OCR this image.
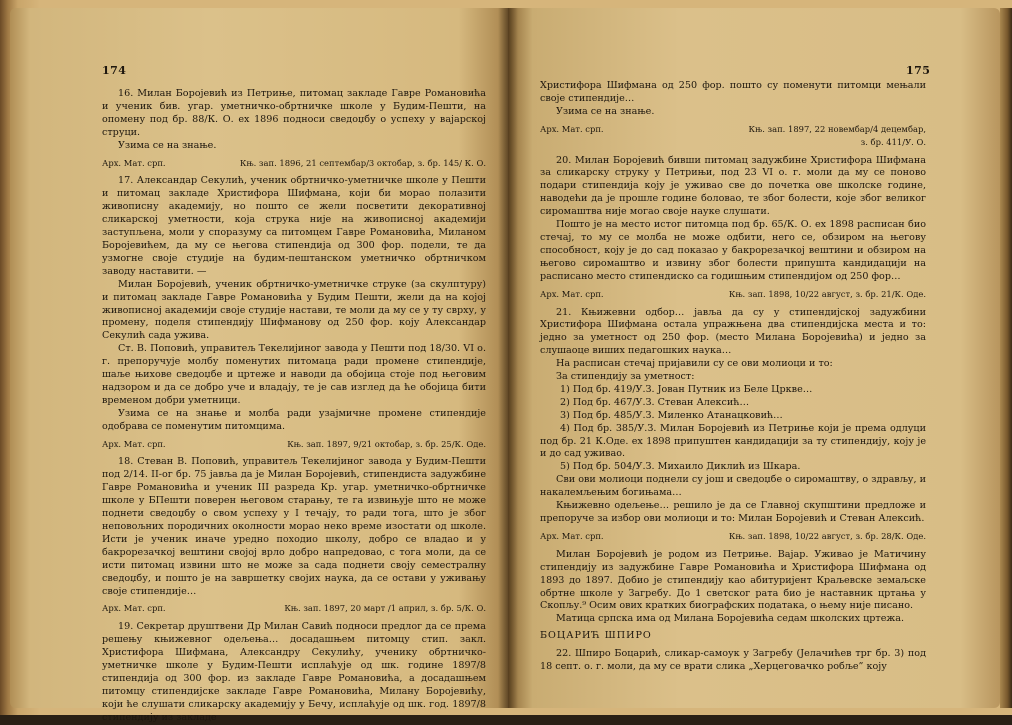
174

16. Милан Бороjевић из Петриње, питомац закладе Гавре Романовића и ученик бив. угар. уметничко-обртничке школе у Будим-Пешти, на опомену под бр. 88/К. О. ех 1896 подноси сведоџбу о успеху у вајарској струци.

Узима се на знање.

Арх. Мат. срп.	Књ. зап. 1896, 21 септембар/3 октобар, з. бр. 145/ К. О.

17. Александар Секулић, ученик обртничко-уметничке школе у Пешти и питомац закладе Христифора Шифмана, који би морао полазити живописну академију, но пошто се жели посветити декоративној сликарској уметности, која струка није на живописној академији заступљена, моли у споразуму са питомцем Гавре Романовића, Миланом Бороjевићем, да му се његова стипендија од 300 фор. подели, те да узмогне своје студије на будим-пештанском уметничко обртничком заводу наставити. —

Милан Бороjевић, ученик обртничко-уметничке струке (за скулптуру) и питомац закладе Гавре Романовића у Будим Пешти, жели да на којој живописној академији своје студије настави, те моли да му се у ту сврху, у промену, поделя стипендију Шифманову од 250 фор. коју Александар Секулић сада ужива.

Ст. В. Поповић, управитељ Текелијиног завода у Пешти под 18/30. VI о. г. препоручује молбу поменутих питомаца ради промене стипендије, шаље њихове сведоџбе и цртеже и наводи да обојица стоје под његовим надзором и да се добро уче и владају, те је сав изглед да ће обојица бити временом добри уметници.

Узима се на знање и молба ради узајмичне промене стипендије одобрава се поменутим питомцима.

Арх. Мат. срп.	Књ. зап. 1897, 9/21 октобар, з. бр. 25/К. Оде.

18. Стеван В. Поповић, управитељ Текелијиног завода у Будим-Пешти под 2/14. II-ог бр. 75 јавља да је Милан Бороjевић, стипендиста задужбине Гавре Романовића и ученик III разреда Кр. угар. уметничко-обртничке школе у БПешти поверен његовом старању, те га извињује што не може поднети сведоџбу о свом успеху у I течају, то ради тога, што је због неповољних породичних околности морао неко време изостати од школе. Исти је ученик иначе уредно походио школу, добро се владао и у бакрорезачкој вештини својој врло добро напредовао, с тога моли, да се исти питомац извини што не може за сада поднети своју семестралну сведоџбу, и пошто је на завршетку својих наука, да се остави у уживању своје стипендије…

Арх. Мат. срп.	Књ. зап. 1897, 20 март /1 април, з. бр. 5/К. О.

19. Секретар друштвени Др Милан Савић подноси предлог да се према решењу књижевног одељења… досадашњем питомцу стип. закл. Христифора Шифмана, Александру Секулићу, ученику обртничко-уметничке школе у Будим-Пешти исплаћује од шк. године 1897/8 стипендија од 300 фор. из закладе Гавре Романовића, а досадашњем питомцу стипендијске закладе Гавре Романовића, Милану Бороjевићу, који ће слушати сликарску академију у Бечу, исплаћује од шк. год. 1897/8 стипендију из закладе

175

Христифора Шифмана од 250 фор. пошто су поменути питомци мењали своје стипендије…

Узима се на знање.

Арх. Мат. срп.	Књ. зап. 1897, 22 новембар/4 децембар,
з. бр. 411/У. О.

20. Милан Бороjевић бивши питомац задужбине Христифора Шифмана за сликарску струку у Петрињи, под 23 VI о. г. моли да му се поново подари стипендија коју је уживао све до почетка ове школске године, наводећи да је прошле године боловао, те због болести, које због великог сиромаштва није могао своје науке слушати.

Пошто је на место истог питомца под бр. 65/К. О. ех 1898 расписан био стечај, то му се молба не може одбити, него се, обзиром на његову способност, коју је до сад показао у бакрорезачкој вештини и обзиром на његово сиромаштво и извину због болести припушта кандидацији на расписано место стипендиско са годишњим стипендијом од 250 фор…

Арх. Мат. срп.	Књ. зап. 1898, 10/22 август, з. бр. 21/К. Оде.

21. Књижевни одбор… јавља да су у стипендијској задужбини Христифора Шифмана остала упражњена два стипендијска места и то: једно за уметност од 250 фор. (место Милана Бороjевића) и једно за слушаоце виших педагошких наука…

На расписан стечај пријавили су се ови молиоци и то:

За стипендију за уметност:

1) Под бр. 419/У.З. Јован Путник из Беле Цркве…

2) Под бр. 467/У.З. Стеван Алексић…

3) Под бр. 485/У.З. Миленко Атанацковић…

4) Под бр. 385/У.З. Милан Бороjевић из Петриње који је према одлуци под бр. 21 К.Оде. ех 1898 припуштен кандидацији за ту стипендију, коју је и до сад уживао.

5) Под бр. 504/У.З. Михаило Диклић из Шкара.

Сви ови молиоци поднели су још и сведоџбе о сиромаштву, о здрављу, и накалемљењим богињама…

Књижевно одељење… решило је да се Главној скупштини предложе и препоручe за избор ови молиоци и то: Милан Бороjевић и Стеван Алексић.

Арх. Мат. срп.	Књ. зап. 1898, 10/22 август, з. бр. 28/К. Оде.

Милан Бороjевић је родом из Петриње. Вајар. Уживао је Матичину стипендију из задужбине Гавре Романовића и Христифора Шифмана од 1893 до 1897. Добио је стипендију као абитуријент Краљевске земаљске обртне школе у Загребу. До 1 светског рата био је наставник цртања у Скопљу.⁹ Осим ових кратких биографских података, о њему није писано.

Матица српска има од Милана Бороjевића седам школских цртежа.

БОЦАРИЋ ШПИРО

22. Шпиро Боцарић, сликар-самоук у Загребу (Јелачићев трг бр. 3) под 18 септ. о. г. моли, да му се врати слика „Херцеговачко робље” коју
